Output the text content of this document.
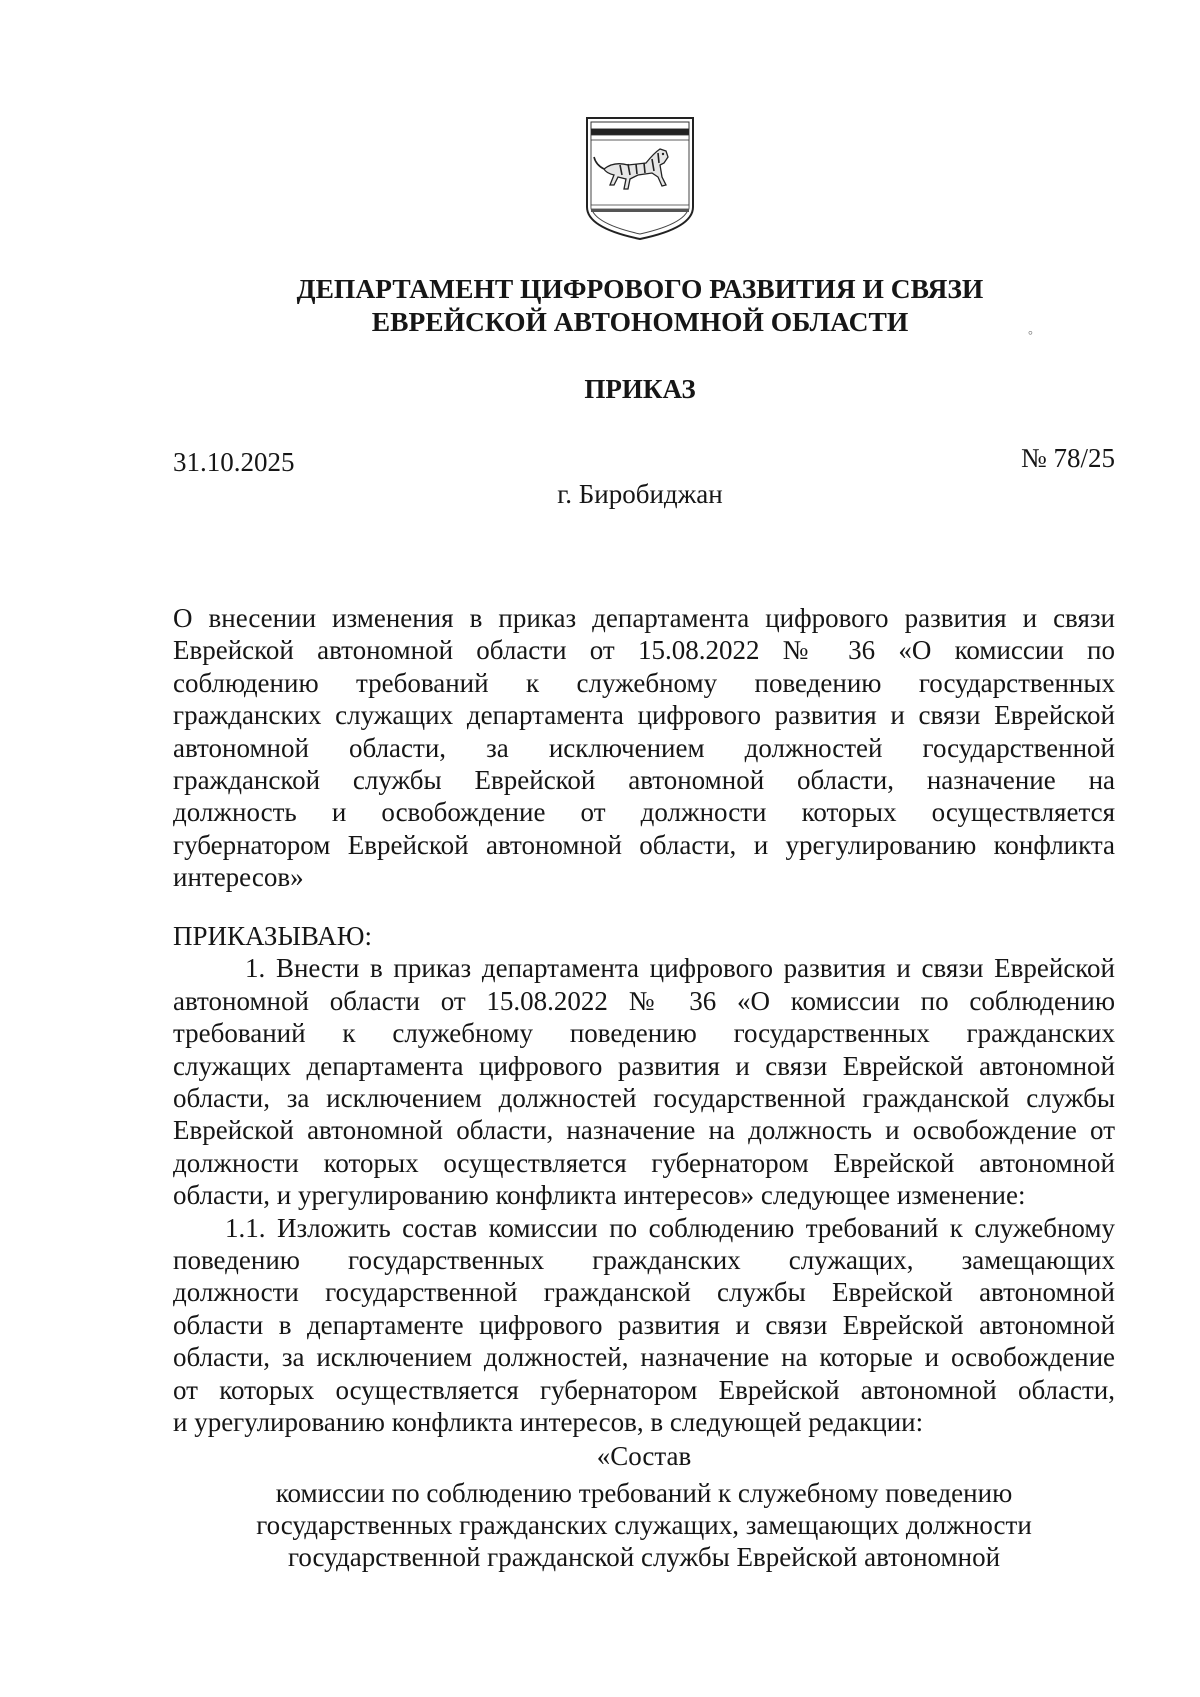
ДЕПАРТАМЕНТ ЦИФРОВОГО РАЗВИТИЯ И СВЯЗИ
ЕВРЕЙСКОЙ АВТОНОМНОЙ ОБЛАСТИ
ПРИКАЗ
31.10.2025	№ 78/25
г. Биробиджан
О внесении изменения в приказ департамента цифрового развития и связи
Еврейской автономной области от 15.08.2022 № 36 «О комиссии по
соблюдению требований к служебному поведению государственных
гражданских служащих департамента цифрового развития и связи Еврейской
автономной области, за исключением должностей государственной
гражданской службы Еврейской автономной области, назначение на
должность и освобождение от должности которых осуществляется
губернатором Еврейской автономной области, и урегулированию конфликта
интересов»
ПРИКАЗЫВАЮ:
1. Внести в приказ департамента цифрового развития и связи Еврейской
автономной области от 15.08.2022 № 36 «О комиссии по соблюдению
требований к служебному поведению государственных гражданских
служащих департамента цифрового развития и связи Еврейской автономной
области, за исключением должностей государственной гражданской службы
Еврейской автономной области, назначение на должность и освобождение от
должности которых осуществляется губернатором Еврейской автономной
области, и урегулированию конфликта интересов» следующее изменение:
1.1. Изложить состав комиссии по соблюдению требований к служебному
поведению государственных гражданских служащих, замещающих
должности государственной гражданской службы Еврейской автономной
области в департаменте цифрового развития и связи Еврейской автономной
области, за исключением должностей, назначение на которые и освобождение
от которых осуществляется губернатором Еврейской автономной области,
и урегулированию конфликта интересов, в следующей редакции:
«Состав
комиссии по соблюдению требований к служебному поведению
государственных гражданских служащих, замещающих должности
государственной гражданской службы Еврейской автономной
°
